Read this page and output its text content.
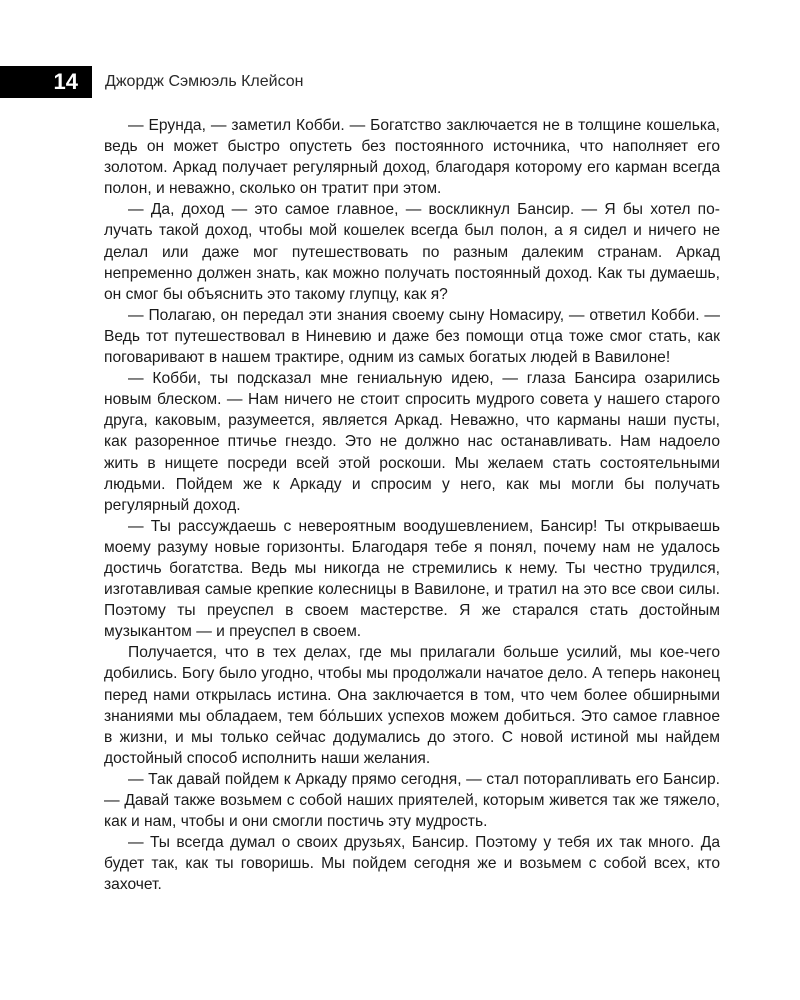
14 Джордж Сэмюэль Клейсон

— Ерунда, — заметил Кобби. — Богатство заключается не в толщине кошелька, ведь он может быстро опустеть без постоянного источника, что наполняет его золотом. Аркад получает регулярный доход, благодаря которому его карман всегда полон, и неважно, сколько он тратит при этом.

— Да, доход — это самое главное, — воскликнул Бансир. — Я бы хотел получать такой доход, чтобы мой кошелек всегда был полон, а я сидел и ничего не делал или даже мог путешествовать по разным далеким странам. Аркад непременно должен знать, как можно получать постоянный доход. Как ты думаешь, он смог бы объяснить это такому глупцу, как я?

— Полагаю, он передал эти знания своему сыну Номасиру, — ответил Кобби. — Ведь тот путешествовал в Ниневию и даже без помощи отца тоже смог стать, как поговаривают в нашем трактире, одним из самых богатых людей в Вавилоне!

— Кобби, ты подсказал мне гениальную идею, — глаза Бансира озарились новым блеском. — Нам ничего не стоит спросить мудрого совета у нашего старого друга, каковым, разумеется, является Аркад. Неважно, что карманы наши пусты, как разоренное птичье гнездо. Это не должно нас останавливать. Нам надоело жить в нищете посреди всей этой роскоши. Мы желаем стать состоятельными людьми. Пойдем же к Аркаду и спросим у него, как мы могли бы получать регулярный доход.

— Ты рассуждаешь с невероятным воодушевлением, Бансир! Ты открываешь моему разуму новые горизонты. Благодаря тебе я понял, почему нам не удалось достичь богатства. Ведь мы никогда не стремились к нему. Ты честно трудился, изготавливая самые крепкие колесницы в Вавилоне, и тратил на это все свои силы. Поэтому ты преуспел в своем мастерстве. Я же старался стать достойным музыкантом — и преуспел в своем.

Получается, что в тех делах, где мы прилагали больше усилий, мы кое-чего добились. Богу было угодно, чтобы мы продолжали начатое дело. А теперь наконец перед нами открылась истина. Она заключается в том, что чем более обширными знаниями мы обладаем, тем бо́льших успехов можем добиться. Это самое главное в жизни, и мы только сейчас додумались до этого. С новой истиной мы найдем достойный способ исполнить наши желания.

— Так давай пойдем к Аркаду прямо сегодня, — стал поторапливать его Бансир. — Давай также возьмем с собой наших приятелей, которым живется так же тяжело, как и нам, чтобы и они смогли постичь эту мудрость.

— Ты всегда думал о своих друзьях, Бансир. Поэтому у тебя их так много. Да будет так, как ты говоришь. Мы пойдем сегодня же и возьмем с собой всех, кто захочет.
